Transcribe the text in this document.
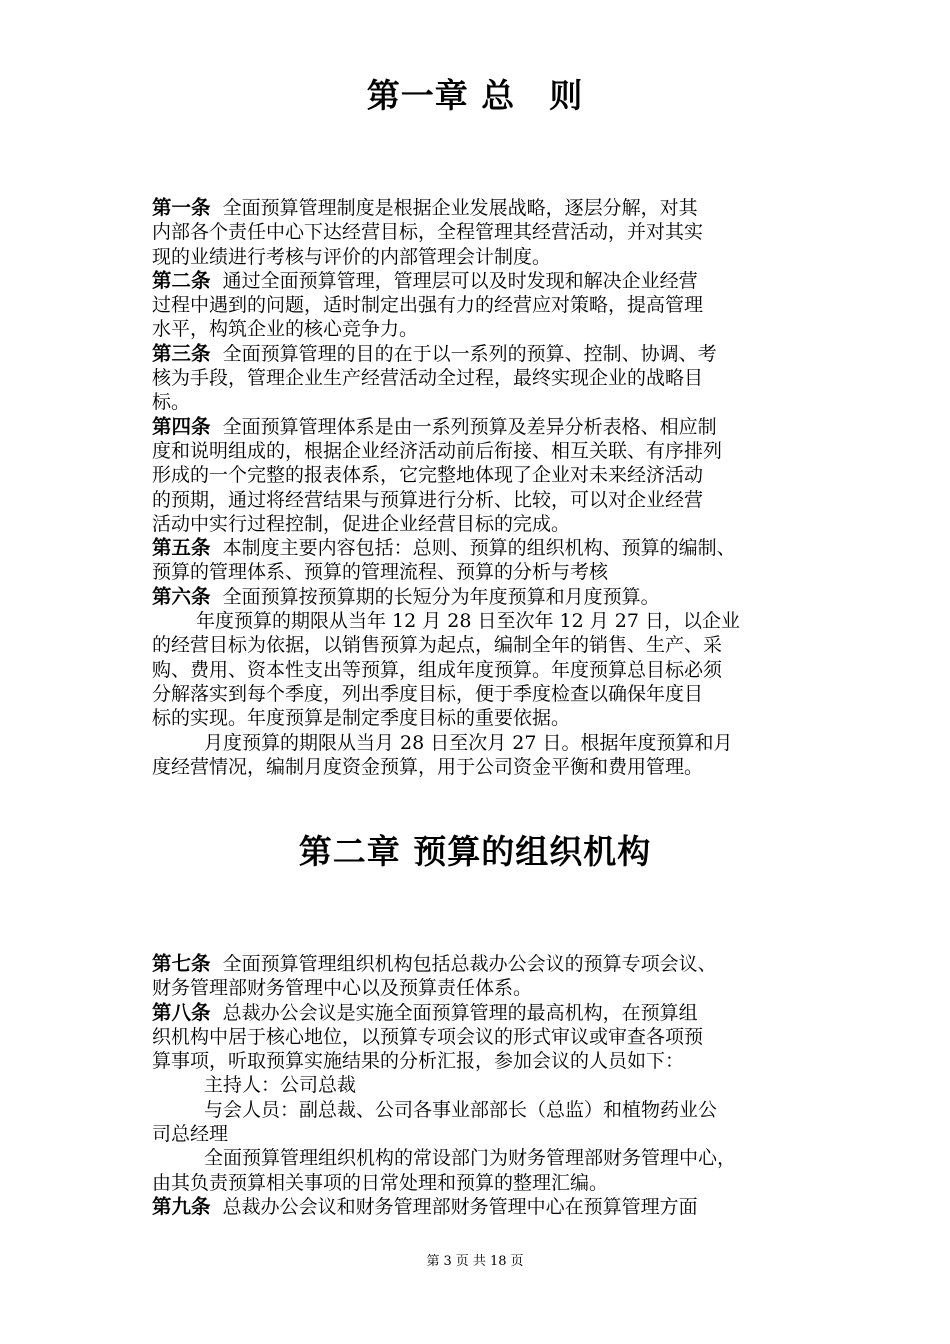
第一章 总　则
第一条 全面预算管理制度是根据企业发展战略，逐层分解，对其
内部各个责任中心下达经营目标，全程管理其经营活动，并对其实
现的业绩进行考核与评价的内部管理会计制度。
第二条 通过全面预算管理，管理层可以及时发现和解决企业经营
过程中遇到的问题，适时制定出强有力的经营应对策略，提高管理
水平，构筑企业的核心竞争力。
第三条 全面预算管理的目的在于以一系列的预算、控制、协调、考
核为手段，管理企业生产经营活动全过程，最终实现企业的战略目
标。
第四条 全面预算管理体系是由一系列预算及差异分析表格、相应制
度和说明组成的，根据企业经济活动前后衔接、相互关联、有序排列
形成的一个完整的报表体系，它完整地体现了企业对未来经济活动
的预期，通过将经营结果与预算进行分析、比较，可以对企业经营
活动中实行过程控制，促进企业经营目标的完成。
第五条 本制度主要内容包括：总则、预算的组织机构、预算的编制、
预算的管理体系、预算的管理流程、预算的分析与考核
第六条 全面预算按预算期的长短分为年度预算和月度预算。
年度预算的期限从当年 12 月 28 日至次年 12 月 27 日，以企业
的经营目标为依据，以销售预算为起点，编制全年的销售、生产、采
购、费用、资本性支出等预算，组成年度预算。年度预算总目标必须
分解落实到每个季度，列出季度目标，便于季度检查以确保年度目
标的实现。年度预算是制定季度目标的重要依据。
月度预算的期限从当月 28 日至次月 27 日。根据年度预算和月
度经营情况，编制月度资金预算，用于公司资金平衡和费用管理。
第二章 预算的组织机构
第七条 全面预算管理组织机构包括总裁办公会议的预算专项会议、
财务管理部财务管理中心以及预算责任体系。
第八条 总裁办公会议是实施全面预算管理的最高机构，在预算组
织机构中居于核心地位，以预算专项会议的形式审议或审查各项预
算事项，听取预算实施结果的分析汇报，参加会议的人员如下：
主持人：公司总裁
与会人员：副总裁、公司各事业部部长（总监）和植物药业公
司总经理
全面预算管理组织机构的常设部门为财务管理部财务管理中心，
由其负责预算相关事项的日常处理和预算的整理汇编。
第九条 总裁办公会议和财务管理部财务管理中心在预算管理方面
第 3 页 共 18 页
